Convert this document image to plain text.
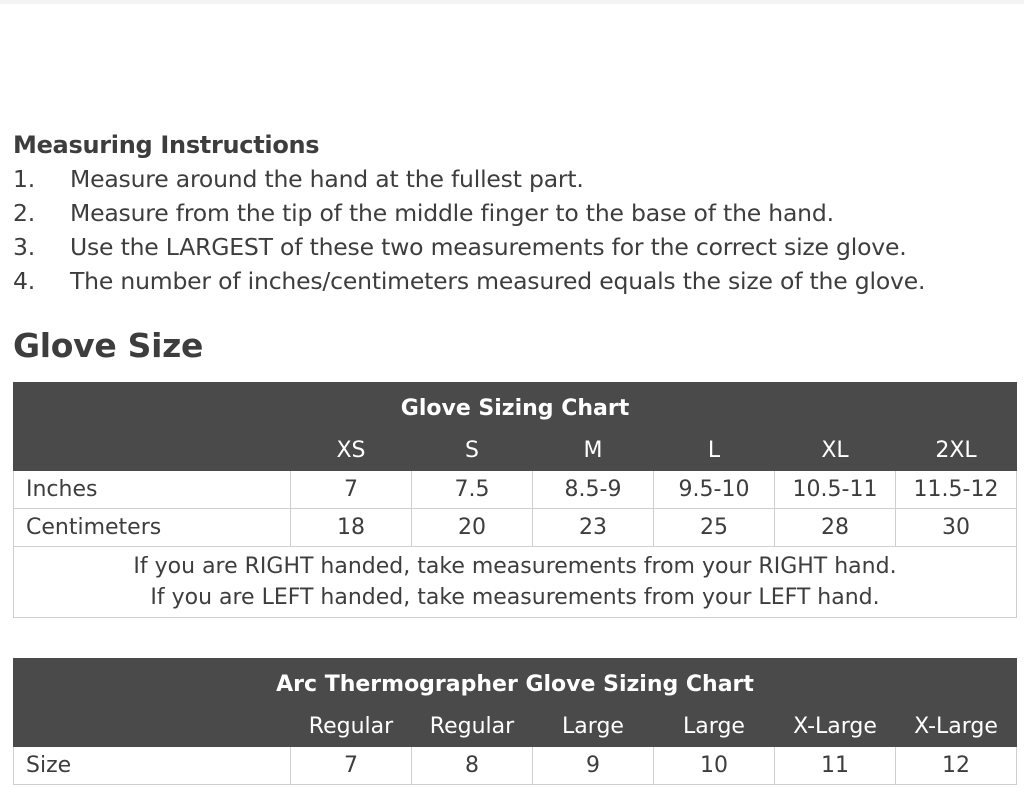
Measuring Instructions
1. Measure around the hand at the fullest part.
2. Measure from the tip of the middle finger to the base of the hand.
3. Use the LARGEST of these two measurements for the correct size glove.
4. The number of inches/centimeters measured equals the size of the glove.
Glove Size
Glove Sizing Chart						
	XS	S	M	L	XL	2XL
Inches	7	7.5	8.5-9	9.5-10	10.5-11	11.5-12
Centimeters	18	20	23	25	28	30

If you are RIGHT handed, take measurements from your RIGHT hand.
If you are LEFT handed, take measurements from your LEFT hand.						
Arc Thermographer Glove Sizing Chart						
	Regular	Regular	Large	Large	X-Large	X-Large
Size	7	8	9	10	11	12
